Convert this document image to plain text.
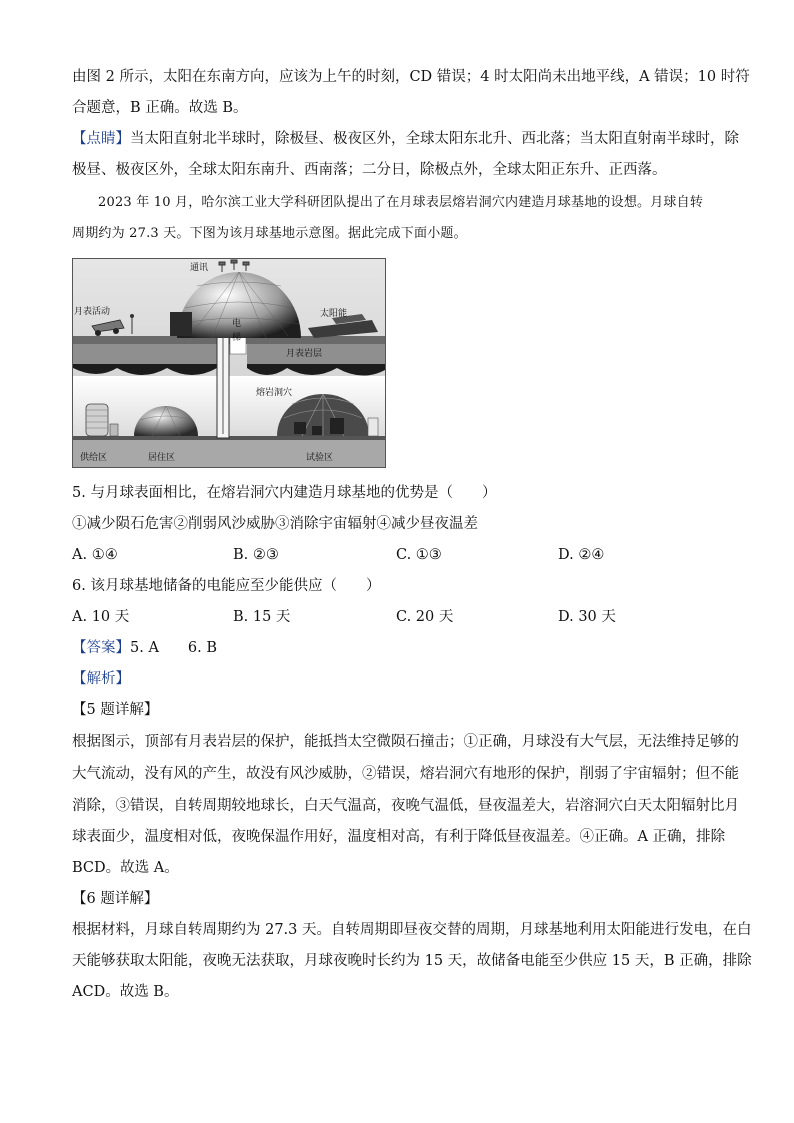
由图 2 所示，太阳在东南方向，应该为上午的时刻，CD 错误；4 时太阳尚未出地平线，A 错误；10 时符
合题意，B 正确。故选 B。
【点睛】当太阳直射北半球时，除极昼、极夜区外，全球太阳东北升、西北落；当太阳直射南半球时，除
极昼、极夜区外，全球太阳东南升、西南落；二分日，除极点外，全球太阳正东升、正西落。
2023 年 10 月，哈尔滨工业大学科研团队提出了在月球表层熔岩洞穴内建造月球基地的设想。月球自转
周期约为 27.3 天。下图为该月球基地示意图。据此完成下面小题。
通讯
月表活动
电
梯
太阳能
月表岩层
熔岩洞穴
供给区	居住区	试验区
5. 与月球表面相比，在熔岩洞穴内建造月球基地的优势是（　　）
①减少陨石危害②削弱风沙威胁③消除宇宙辐射④减少昼夜温差
A. ①④	B. ②③	C. ①③	D. ②④
6. 该月球基地储备的电能应至少能供应（　　）
A. 10 天	B. 15 天	C. 20 天	D. 30 天
【答案】5. A　　6. B
【解析】
【5 题详解】
根据图示，顶部有月表岩层的保护，能抵挡太空微陨石撞击；①正确，月球没有大气层，无法维持足够的
大气流动，没有风的产生，故没有风沙威胁，②错误，熔岩洞穴有地形的保护，削弱了宇宙辐射；但不能
消除，③错误，自转周期较地球长，白天气温高，夜晚气温低，昼夜温差大，岩溶洞穴白天太阳辐射比月
球表面少，温度相对低，夜晚保温作用好，温度相对高，有利于降低昼夜温差。④正确。A 正确，排除
BCD。故选 A。
【6 题详解】
根据材料，月球自转周期约为 27.3 天。自转周期即昼夜交替的周期，月球基地利用太阳能进行发电，在白
天能够获取太阳能，夜晚无法获取，月球夜晚时长约为 15 天，故储备电能至少供应 15 天，B 正确，排除
ACD。故选 B。
